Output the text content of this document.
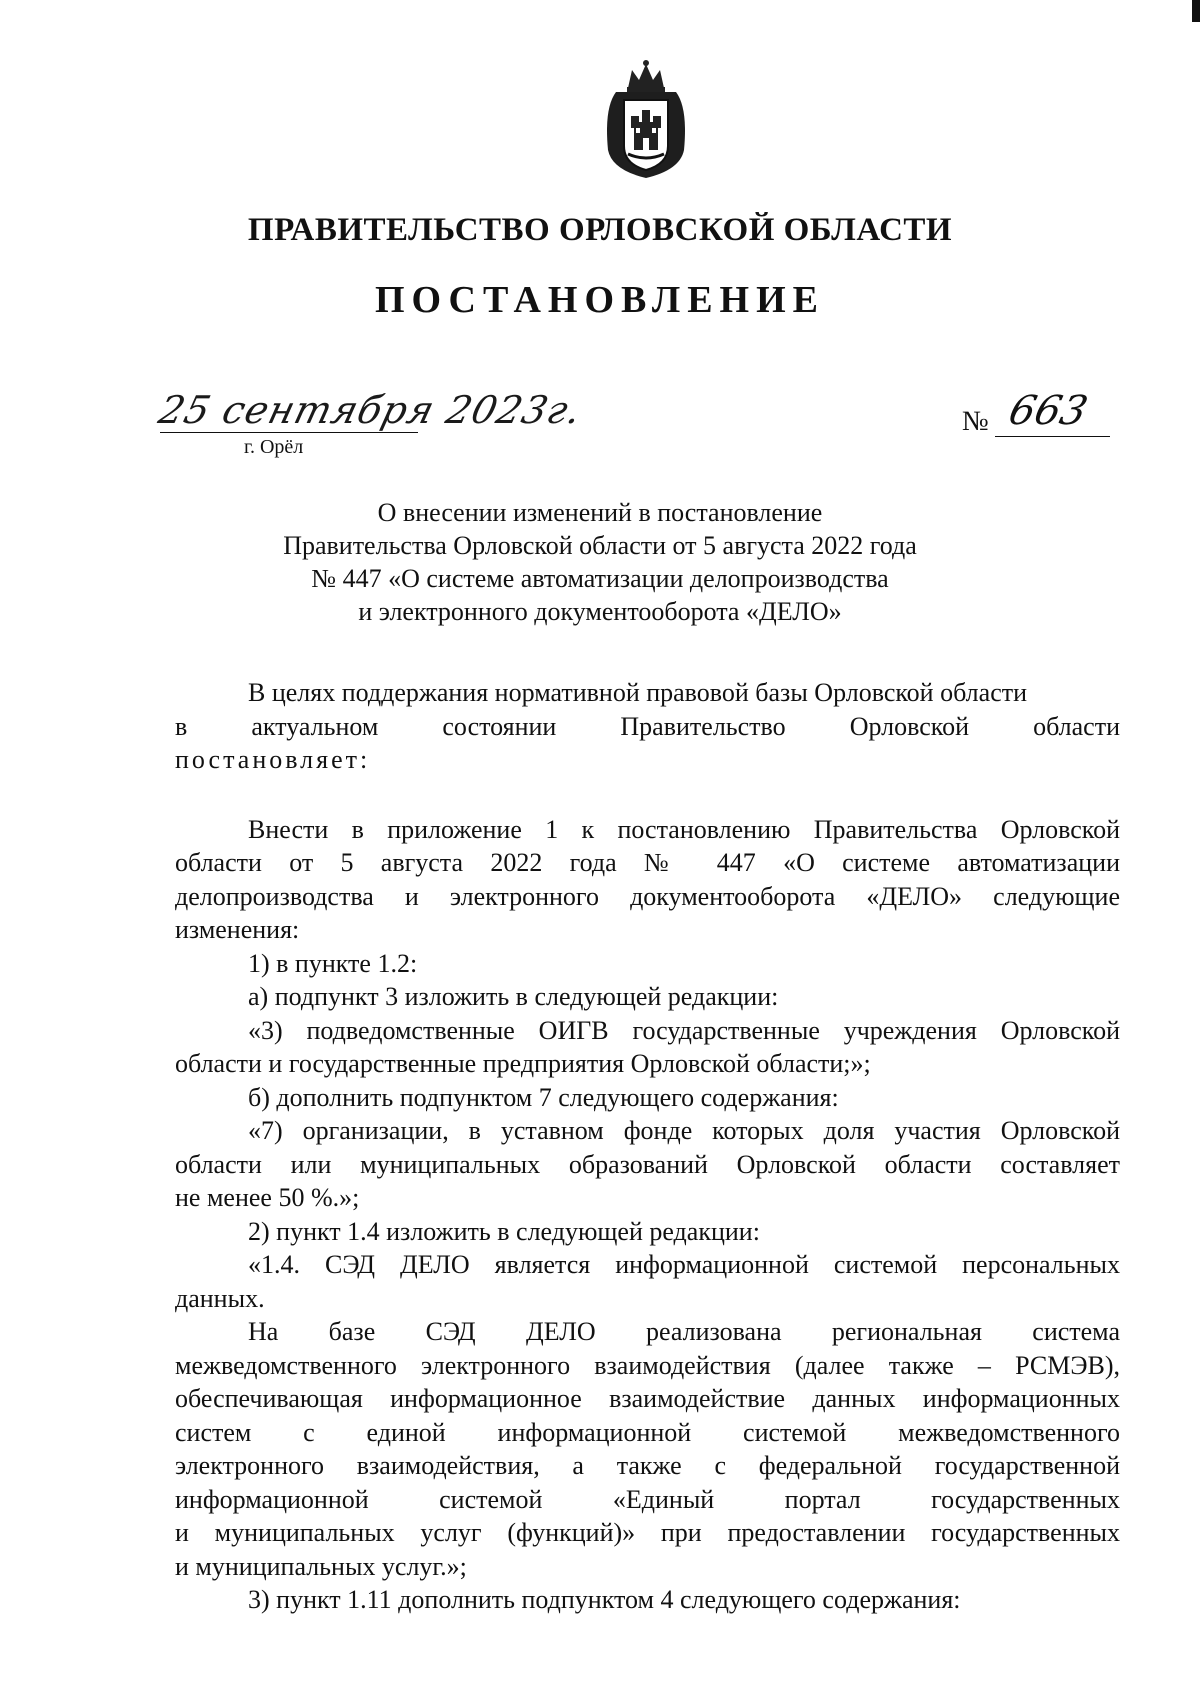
ПРАВИТЕЛЬСТВО ОРЛОВСКОЙ ОБЛАСТИ
ПОСТАНОВЛЕНИЕ
25 сентября 2023г.
г. Орёл
№ 663
О внесении изменений в постановление
Правительства Орловской области от 5 августа 2022 года
№ 447 «О системе автоматизации делопроизводства
и электронного документооборота «ДЕЛО»
В целях поддержания нормативной правовой базы Орловской области
в актуальном состоянии Правительство Орловской области
постановляет:
Внести в приложение 1 к постановлению Правительства Орловской
области от 5 августа 2022 года № 447 «О системе автоматизации
делопроизводства и электронного документооборота «ДЕЛО» следующие
изменения:
1) в пункте 1.2:
а) подпункт 3 изложить в следующей редакции:
«3) подведомственные ОИГВ государственные учреждения Орловской
области и государственные предприятия Орловской области;»;
б) дополнить подпунктом 7 следующего содержания:
«7) организации, в уставном фонде которых доля участия Орловской
области или муниципальных образований Орловской области составляет
не менее 50 %.»;
2) пункт 1.4 изложить в следующей редакции:
«1.4. СЭД ДЕЛО является информационной системой персональных
данных.
На базе СЭД ДЕЛО реализована региональная система
межведомственного электронного взаимодействия (далее также – РСМЭВ),
обеспечивающая информационное взаимодействие данных информационных
систем с единой информационной системой межведомственного
электронного взаимодействия, а также с федеральной государственной
информационной системой «Единый портал государственных
и муниципальных услуг (функций)» при предоставлении государственных
и муниципальных услуг.»;
3) пункт 1.11 дополнить подпунктом 4 следующего содержания:
